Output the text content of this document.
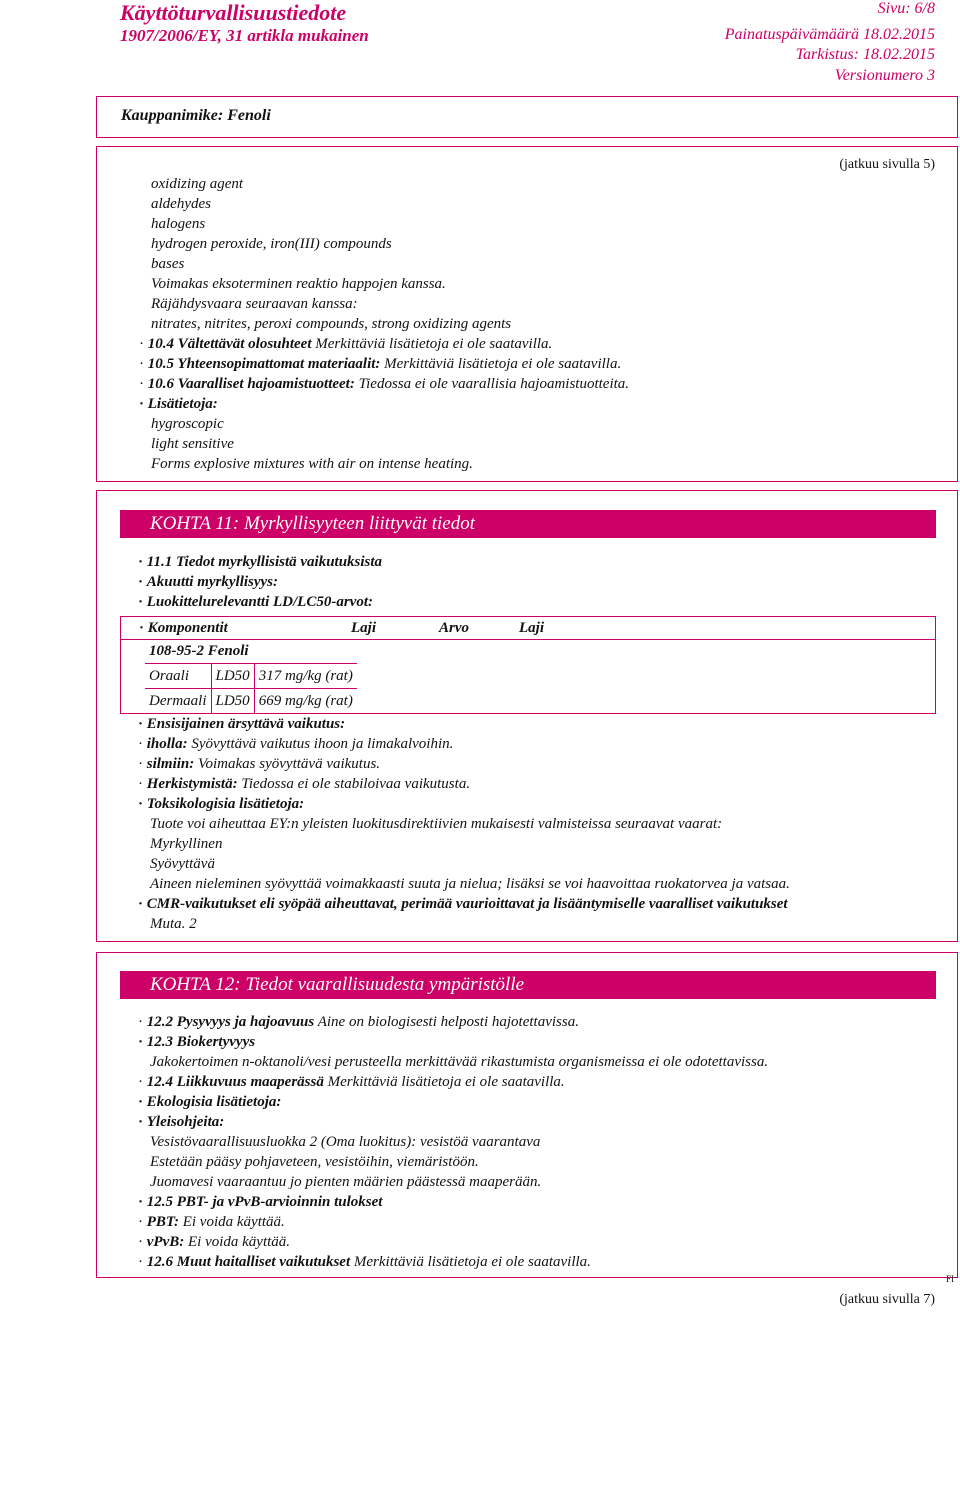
Käyttöturvallisuustiedote
1907/2006/EY, 31 artikla mukainen
Sivu: 6/8
Painatuspäivämäärä 18.02.2015
Tarkistus: 18.02.2015
Versionumero 3
Kauppanimike: Fenoli
(jatkuu sivulla 5)
oxidizing agent
aldehydes
halogens
hydrogen peroxide, iron(III) compounds
bases
Voimakas eksoterminen reaktio happojen kanssa.
Räjähdysvaara seuraavan kanssa:
nitrates, nitrites, peroxi compounds, strong oxidizing agents
· 10.4 Vältettävät olosuhteet Merkittäviä lisätietoja ei ole saatavilla.
· 10.5 Yhteensopimattomat materiaalit: Merkittäviä lisätietoja ei ole saatavilla.
· 10.6 Vaaralliset hajoamistuotteet: Tiedossa ei ole vaarallisia hajoamistuotteita.
· Lisätietoja:
hygroscopic
light sensitive
Forms explosive mixtures with air on intense heating.
KOHTA 11: Myrkyllisyyteen liittyvät tiedot
· 11.1 Tiedot myrkyllisistä vaikutuksista
· Akuutti myrkyllisyys:
· Luokittelurelevantti LD/LC50-arvot:
· Komponentit	Laji	Arvo	Laji
108-95-2 Fenoli
Oraali	LD50	317 mg/kg (rat)
Dermaali	LD50	669 mg/kg (rat)
· Ensisijainen ärsyttävä vaikutus:
· iholla: Syövyttävä vaikutus ihoon ja limakalvoihin.
· silmiin: Voimakas syövyttävä vaikutus.
· Herkistymistä: Tiedossa ei ole stabiloivaa vaikutusta.
· Toksikologisia lisätietoja:
Tuote voi aiheuttaa EY:n yleisten luokitusdirektiivien mukaisesti valmisteissa seuraavat vaarat:
Myrkyllinen
Syövyttävä
Aineen nieleminen syövyttää voimakkaasti suuta ja nielua; lisäksi se voi haavoittaa ruokatorvea ja vatsaa.
· CMR-vaikutukset eli syöpää aiheuttavat, perimää vaurioittavat ja lisääntymiselle vaaralliset vaikutukset
Muta. 2
KOHTA 12: Tiedot vaarallisuudesta ympäristölle
· 12.2 Pysyvyys ja hajoavuus Aine on biologisesti helposti hajotettavissa.
· 12.3 Biokertyvyys
Jakokertoimen n-oktanoli/vesi perusteella merkittävää rikastumista organismeissa ei ole odotettavissa.
· 12.4 Liikkuvuus maaperässä Merkittäviä lisätietoja ei ole saatavilla.
· Ekologisia lisätietoja:
· Yleisohjeita:
Vesistövaarallisuusluokka 2 (Oma luokitus): vesistöä vaarantava
Estetään pääsy pohjaveteen, vesistöihin, viemäristöön.
Juomavesi vaaraantuu jo pienten määrien päästessä maaperään.
· 12.5 PBT- ja vPvB-arvioinnin tulokset
· PBT: Ei voida käyttää.
· vPvB: Ei voida käyttää.
· 12.6 Muut haitalliset vaikutukset Merkittäviä lisätietoja ei ole saatavilla.
FI
(jatkuu sivulla 7)
